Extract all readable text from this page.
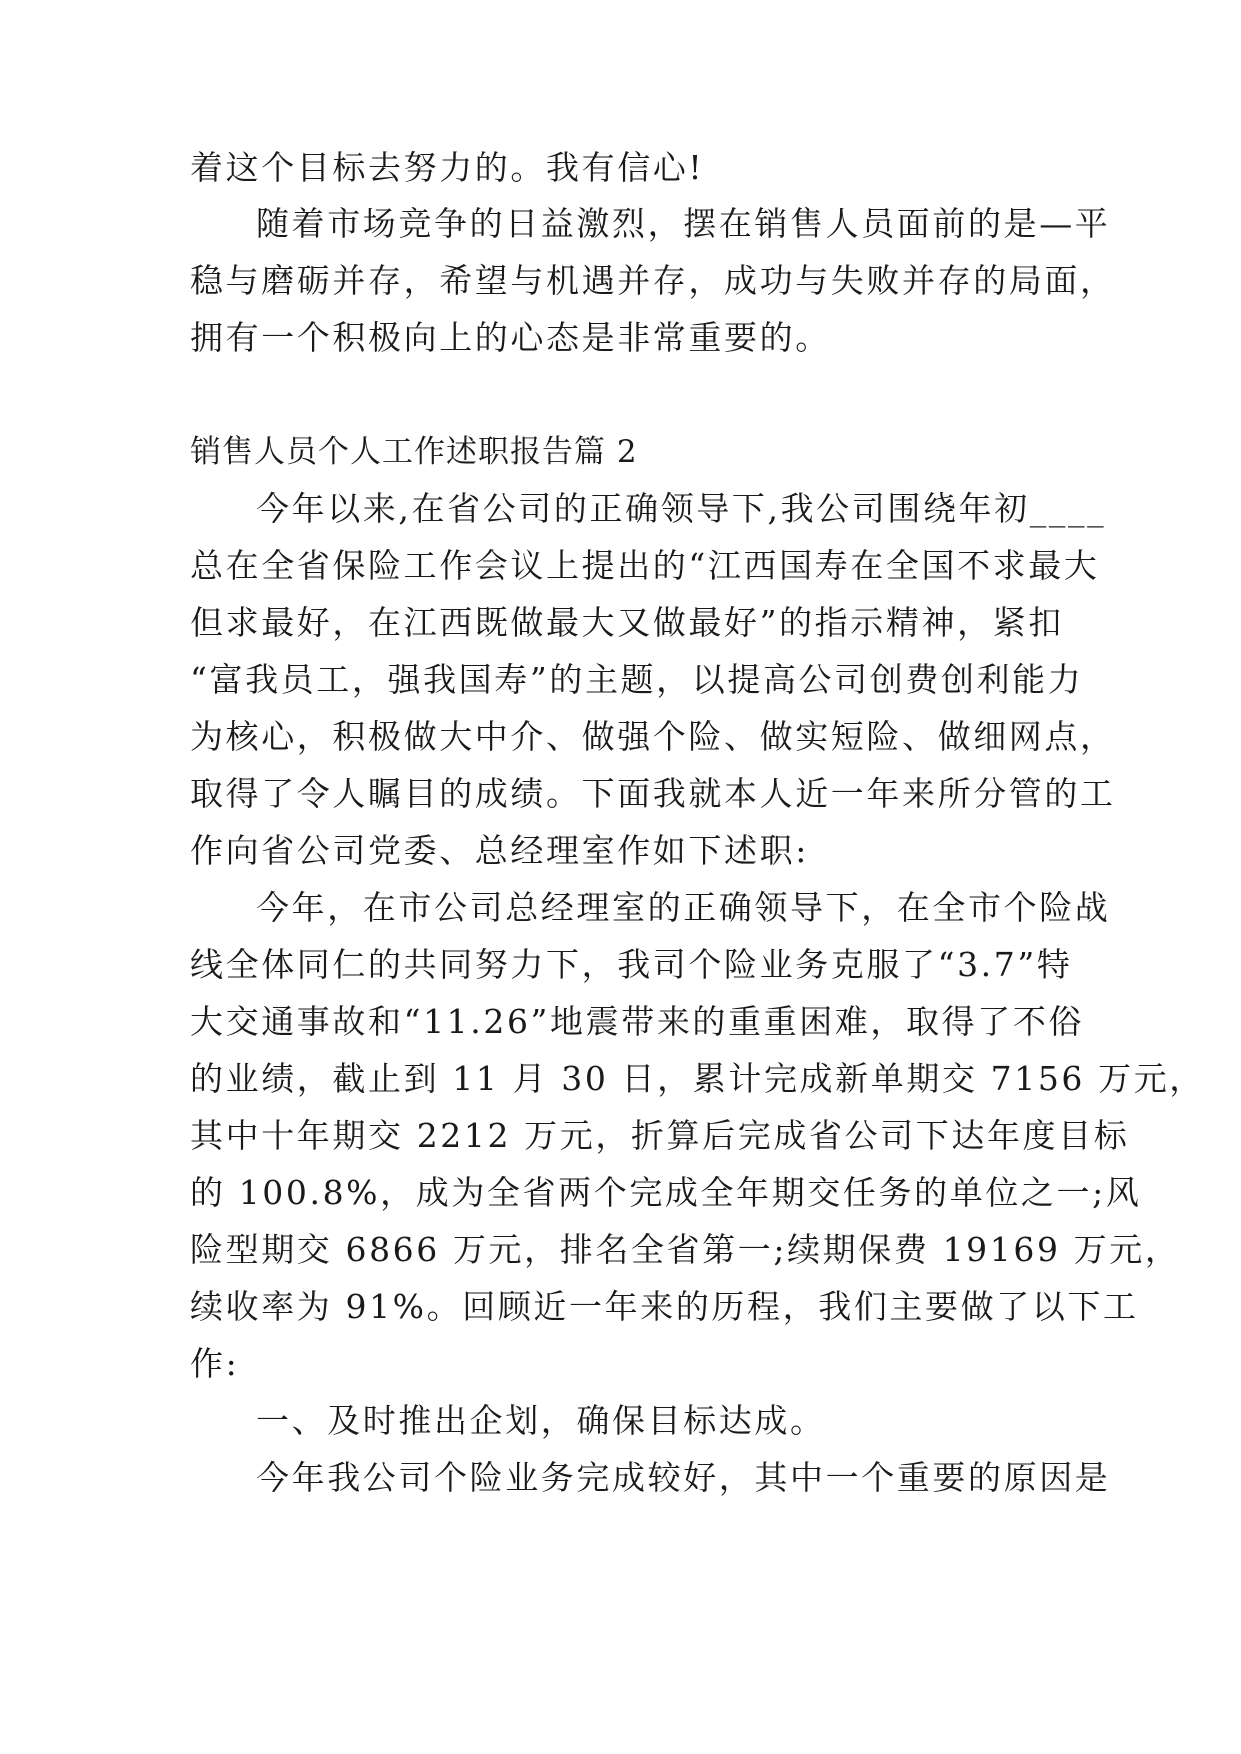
着这个目标去努力的。我有信心!
随着市场竞争的日益激烈，摆在销售人员面前的是—平
稳与磨砺并存，希望与机遇并存，成功与失败并存的局面，
拥有一个积极向上的心态是非常重要的。
销售人员个人工作述职报告篇 2
今年以来,在省公司的正确领导下,我公司围绕年初____
总在全省保险工作会议上提出的“江西国寿在全国不求最大
但求最好，在江西既做最大又做最好”的指示精神，紧扣
“富我员工，强我国寿”的主题，以提高公司创费创利能力
为核心，积极做大中介、做强个险、做实短险、做细网点，
取得了令人瞩目的成绩。下面我就本人近一年来所分管的工
作向省公司党委、总经理室作如下述职:
今年，在市公司总经理室的正确领导下，在全市个险战
线全体同仁的共同努力下，我司个险业务克服了“3.7”特
大交通事故和“11.26”地震带来的重重困难，取得了不俗
的业绩，截止到 11 月 30 日，累计完成新单期交 7156 万元，
其中十年期交 2212 万元，折算后完成省公司下达年度目标
的 100.8%，成为全省两个完成全年期交任务的单位之一;风
险型期交 6866 万元，排名全省第一;续期保费 19169 万元，
续收率为 91%。回顾近一年来的历程，我们主要做了以下工
作:
一、及时推出企划，确保目标达成。
今年我公司个险业务完成较好，其中一个重要的原因是
